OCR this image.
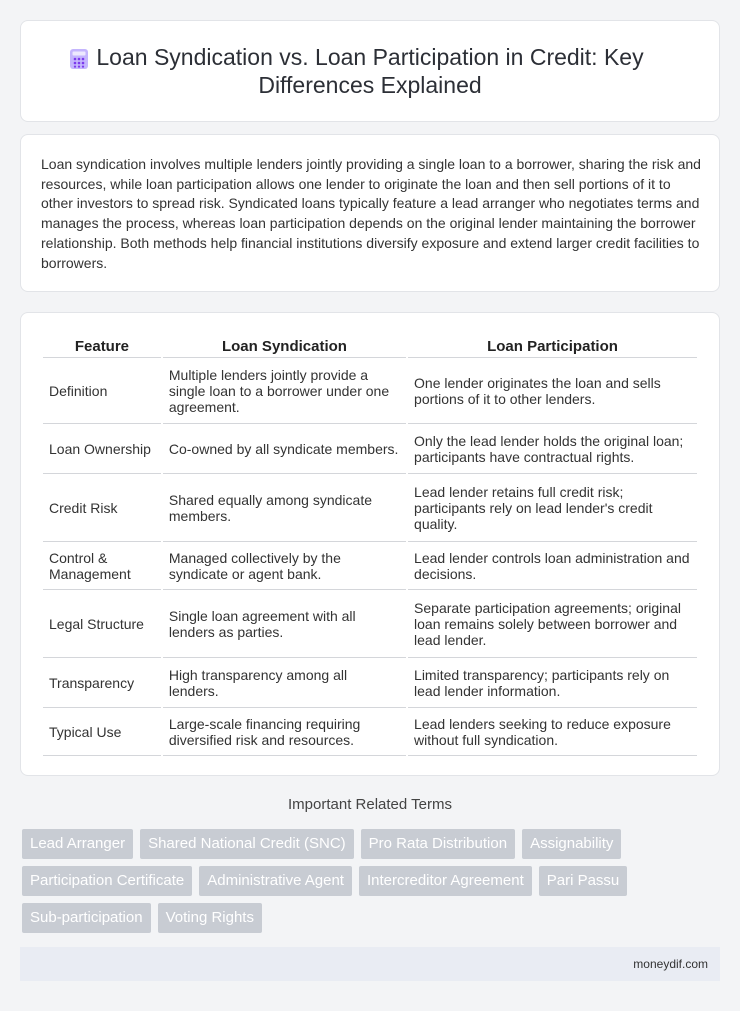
Loan Syndication vs. Loan Participation in Credit: Key Differences Explained

Loan syndication involves multiple lenders jointly providing a single loan to a borrower, sharing the risk and resources, while loan participation allows one lender to originate the loan and then sell portions of it to other investors to spread risk. Syndicated loans typically feature a lead arranger who negotiates terms and manages the process, whereas loan participation depends on the original lender maintaining the borrower relationship. Both methods help financial institutions diversify exposure and extend larger credit facilities to borrowers.

Feature	Loan Syndication	Loan Participation
Definition	Multiple lenders jointly provide a single loan to a borrower under one agreement.	One lender originates the loan and sells portions of it to other lenders.
Loan Ownership	Co-owned by all syndicate members.	Only the lead lender holds the original loan; participants have contractual rights.
Credit Risk	Shared equally among syndicate members.	Lead lender retains full credit risk; participants rely on lead lender's credit quality.
Control & Management	Managed collectively by the syndicate or agent bank.	Lead lender controls loan administration and decisions.
Legal Structure	Single loan agreement with all lenders as parties.	Separate participation agreements; original loan remains solely between borrower and lead lender.
Transparency	High transparency among all lenders.	Limited transparency; participants rely on lead lender information.
Typical Use	Large-scale financing requiring diversified risk and resources.	Lead lenders seeking to reduce exposure without full syndication.
Important Related Terms
Lead Arranger	Shared National Credit (SNC)	Pro Rata Distribution	Assignability
Participation Certificate	Administrative Agent	Intercreditor Agreement	Pari Passu
Sub-participation	Voting Rights
moneydif.com
